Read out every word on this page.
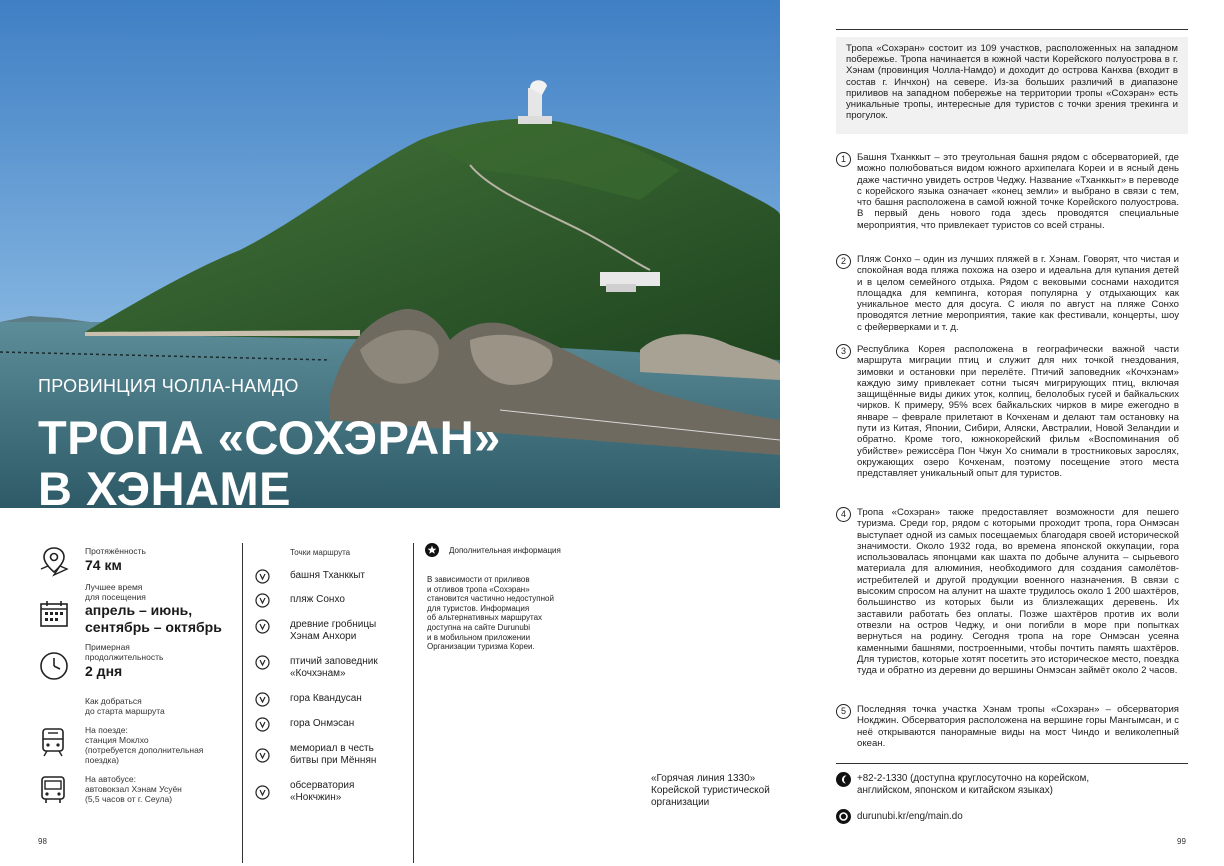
ПРОВИНЦИЯ ЧОЛЛА-НАМДО
ТРОПА «СОХЭРАН»
В ХЭНАМЕ
Протяжённость
74 км
Лучшее время
для посещения
апрель – июнь,
сентябрь – октябрь
Примерная
продолжительность
2 дня
Как добраться
до старта маршрута
На поезде:
станция Моклхо
(потребуется дополнительная
поездка)
На автобусе:
автовокзал Хэнам Усуён
(5,5 часов от г. Сеула)
98
Точки маршрута
башня Тханккыт
пляж Сонхо
древние гробницы
Хэнам Анхори
птичий заповедник
«Кочхэнам»
гора Квандусан
гора Онмэсан
мемориал в честь
битвы при Мённян
обсерватория
«Нокчжин»
Дополнительная информация
В зависимости от приливов
и отливов тропа «Сохэран»
становится частично недоступной
для туристов. Информация
об альтернативных маршрутах
доступна на сайте Durunubi
и в мобильном приложении
Организации туризма Кореи.
«Горячая линия 1330»
Корейской туристической
организации
Тропа «Сохэран» состоит из 109 участков, расположенных на западном побережье. Тропа начинается в южной части Корейского полуострова в г. Хэнам (провинция Чолла-Намдо) и доходит до острова Канхва (входит в состав г. Инчхон) на севере. Из-за больших различий в диапазоне приливов на западном побережье на территории тропы «Сохэран» есть уникальные тропы, интересные для туристов с точки зрения трекинга и прогулок.
1	Башня Тханккыт – это треугольная башня рядом с обсерваторией, где можно полюбоваться видом южного архипелага Кореи и в ясный день даже частично увидеть остров Чеджу. Название «Тханккыт» в переводе с корейского языка означает «конец земли» и выбрано в связи с тем, что башня расположена в самой южной точке Корейского полуострова. В первый день нового года здесь проводятся специальные мероприятия, что привлекает туристов со всей страны.
2	Пляж Сонхо – один из лучших пляжей в г. Хэнам. Говорят, что чистая и спокойная вода пляжа похожа на озеро и идеальна для купания детей и в целом семейного отдыха. Рядом с вековыми соснами находится площадка для кемпинга, которая популярна у отдыхающих как уникальное место для досуга. С июля по август на пляже Сонхо проводятся летние мероприятия, такие как фестивали, концерты, шоу с фейерверками и т. д.
3	Республика Корея расположена в географически важной части маршрута миграции птиц и служит для них точкой гнездования, зимовки и остановки при перелёте. Птичий заповедник «Кочхэнам» каждую зиму привлекает сотни тысяч мигрирующих птиц, включая защищённые виды диких уток, колпиц, белолобых гусей и байкальских чирков. К примеру, 95% всех байкальских чирков в мире ежегодно в январе – феврале прилетают в Кочхенам и делают там остановку на пути из Китая, Японии, Сибири, Аляски, Австралии, Новой Зеландии и обратно. Кроме того, южнокорейский фильм «Воспоминания об убийстве» режиссёра Пон Чжун Хо снимали в тростниковых зарослях, окружающих озеро Кочхенам, поэтому посещение этого места представляет уникальный опыт для туристов.
4	Тропа «Сохэран» также предоставляет возможности для пешего туризма. Среди гор, рядом с которыми проходит тропа, гора Онмэсан выступает одной из самых посещаемых благодаря своей исторической значимости. Около 1932 года, во времена японской оккупации, гора использовалась японцами как шахта по добыче алунита – сырьевого материала для алюминия, необходимого для создания самолётов-истребителей и другой продукции военного назначения. В связи с высоким спросом на алунит на шахте трудилось около 1 200 шахтёров, большинство из которых были из близлежащих деревень. Их заставили работать без оплаты. Позже шахтёров против их воли отвезли на остров Чеджу, и они погибли в море при попытках вернуться на родину. Сегодня тропа на горе Онмэсан усеяна каменными башнями, построенными, чтобы почтить память шахтёров. Для туристов, которые хотят посетить это историческое место, поездка туда и обратно из деревни до вершины Онмэсан займёт около 2 часов.
5	Последняя точка участка Хэнам тропы «Сохэран» – обсерватория Нокджин. Обсерватория расположена на вершине горы Мангымсан, и с неё открываются панорамные виды на мост Чиндо и великолепный океан.
+82-2-1330 (доступна круглосуточно на корейском,
английском, японском и китайском языках)
durunubi.kr/eng/main.do
99
